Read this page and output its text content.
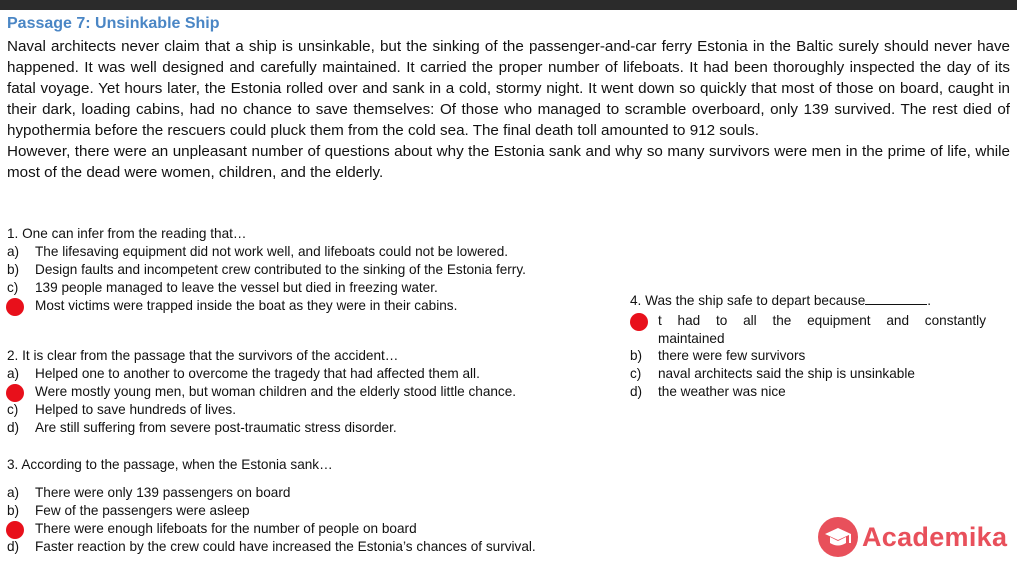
Passage 7: Unsinkable Ship

Naval architects never claim that a ship is unsinkable, but the sinking of the passenger-and-car ferry Estonia in the Baltic surely should never have happened. It was well designed and carefully maintained. It carried the proper number of lifeboats. It had been thoroughly inspected the day of its fatal voyage. Yet hours later, the Estonia rolled over and sank in a cold, stormy night. It went down so quickly that most of those on board, caught in their dark, loading cabins, had no chance to save themselves: Of those who managed to scramble overboard, only 139 survived. The rest died of hypothermia before the rescuers could pluck them from the cold sea. The final death toll amounted to 912 souls.

However, there were an unpleasant number of questions about why the Estonia sank and why so many survivors were men in the prime of life, while most of the dead were women, children, and the elderly.

1. One can infer from the reading that…
a) The lifesaving equipment did not work well, and lifeboats could not be lowered.
b) Design faults and incompetent crew contributed to the sinking of the Estonia ferry.
c) 139 people managed to leave the vessel but died in freezing water.
Most victims were trapped inside the boat as they were in their cabins.
2. It is clear from the passage that the survivors of the accident…
a) Helped one to another to overcome the tragedy that had affected them all.
Were mostly young men, but woman children and the elderly stood little chance.
c) Helped to save hundreds of lives.
d) Are still suffering from severe post-traumatic stress disorder.
3. According to the passage, when the Estonia sank…
a) There were only 139 passengers on board
b) Few of the passengers were asleep
There were enough lifeboats for the number of people on board
d) Faster reaction by the crew could have increased the Estonia’s chances of survival.
4. Was the ship safe to depart because	.
t had to all the equipment and constantly
maintained
b) there were few survivors
c) naval architects said the ship is unsinkable
d) the weather was nice
Academika
